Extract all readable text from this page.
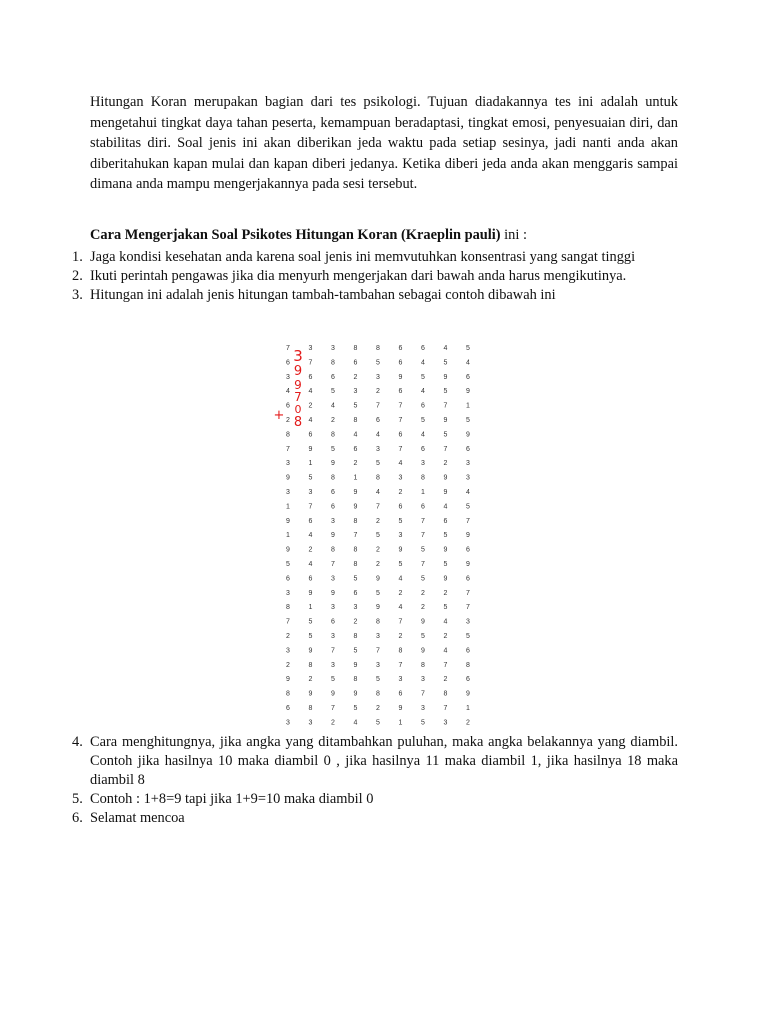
Hitungan Koran merupakan bagian dari tes psikologi. Tujuan diadakannya tes ini adalah untuk mengetahui tingkat daya tahan peserta, kemampuan beradaptasi, tingkat emosi, penyesuaian diri, dan stabilitas diri. Soal jenis ini akan diberikan jeda waktu pada setiap sesinya, jadi nanti anda akan diberitahukan kapan mulai dan kapan diberi jedanya. Ketika diberi jeda anda akan menggaris sampai dimana anda mampu mengerjakannya pada sesi tersebut.

Cara Mengerjakan Soal Psikotes Hitungan Koran (Kraeplin pauli) ini :

1. Jaga kondisi kesehatan anda karena soal jenis ini memvutuhkan konsentrasi yang sangat tinggi
2. Ikuti perintah pengawas jika dia menyurh mengerjakan dari bawah anda harus mengikutinya.
3. Hitungan ini adalah jenis hitungan tambah-tambahan sebagai contoh dibawah ini
7
6
3
4
6
2
8
7
3
9
3
1
9
1
9
5
6
3
8
7
2
3
2
9
8
6
3
3
7
6
4
2
4
6
9
1
5
3
7
6
4
2
4
6
9
1
5
5
9
8
2
9
8
3
3
8
6
5
4
2
8
5
9
8
6
6
3
9
8
7
3
9
3
6
3
7
3
5
9
7
2
8
6
2
3
5
8
4
6
2
1
9
9
8
7
8
8
5
6
3
2
8
5
9
8
9
5
4
8
5
3
2
7
6
4
3
5
8
4
7
2
5
2
2
9
5
9
8
3
7
3
5
8
2
5
6
6
9
6
7
7
6
7
4
3
2
6
5
3
9
5
4
2
4
7
2
8
7
3
6
9
1
6
4
5
4
6
5
4
6
3
8
1
6
7
7
5
7
5
2
2
9
5
9
8
3
7
3
5
4
5
9
5
7
9
5
7
2
9
9
4
6
5
9
5
9
2
5
4
2
4
7
2
8
7
3
5
4
6
9
1
5
9
6
3
3
4
5
7
9
6
9
6
7
7
3
5
6
8
6
9
1
2
3
9
9
7
0
8
+
4. Cara menghitungnya, jika angka yang ditambahkan puluhan, maka angka belakannya yang diambil. Contoh jika hasilnya 10 maka diambil 0 , jika hasilnya 11 maka diambil 1, jika hasilnya 18 maka diambil 8
5. Contoh : 1+8=9 tapi jika 1+9=10 maka diambil 0
6. Selamat mencoa
